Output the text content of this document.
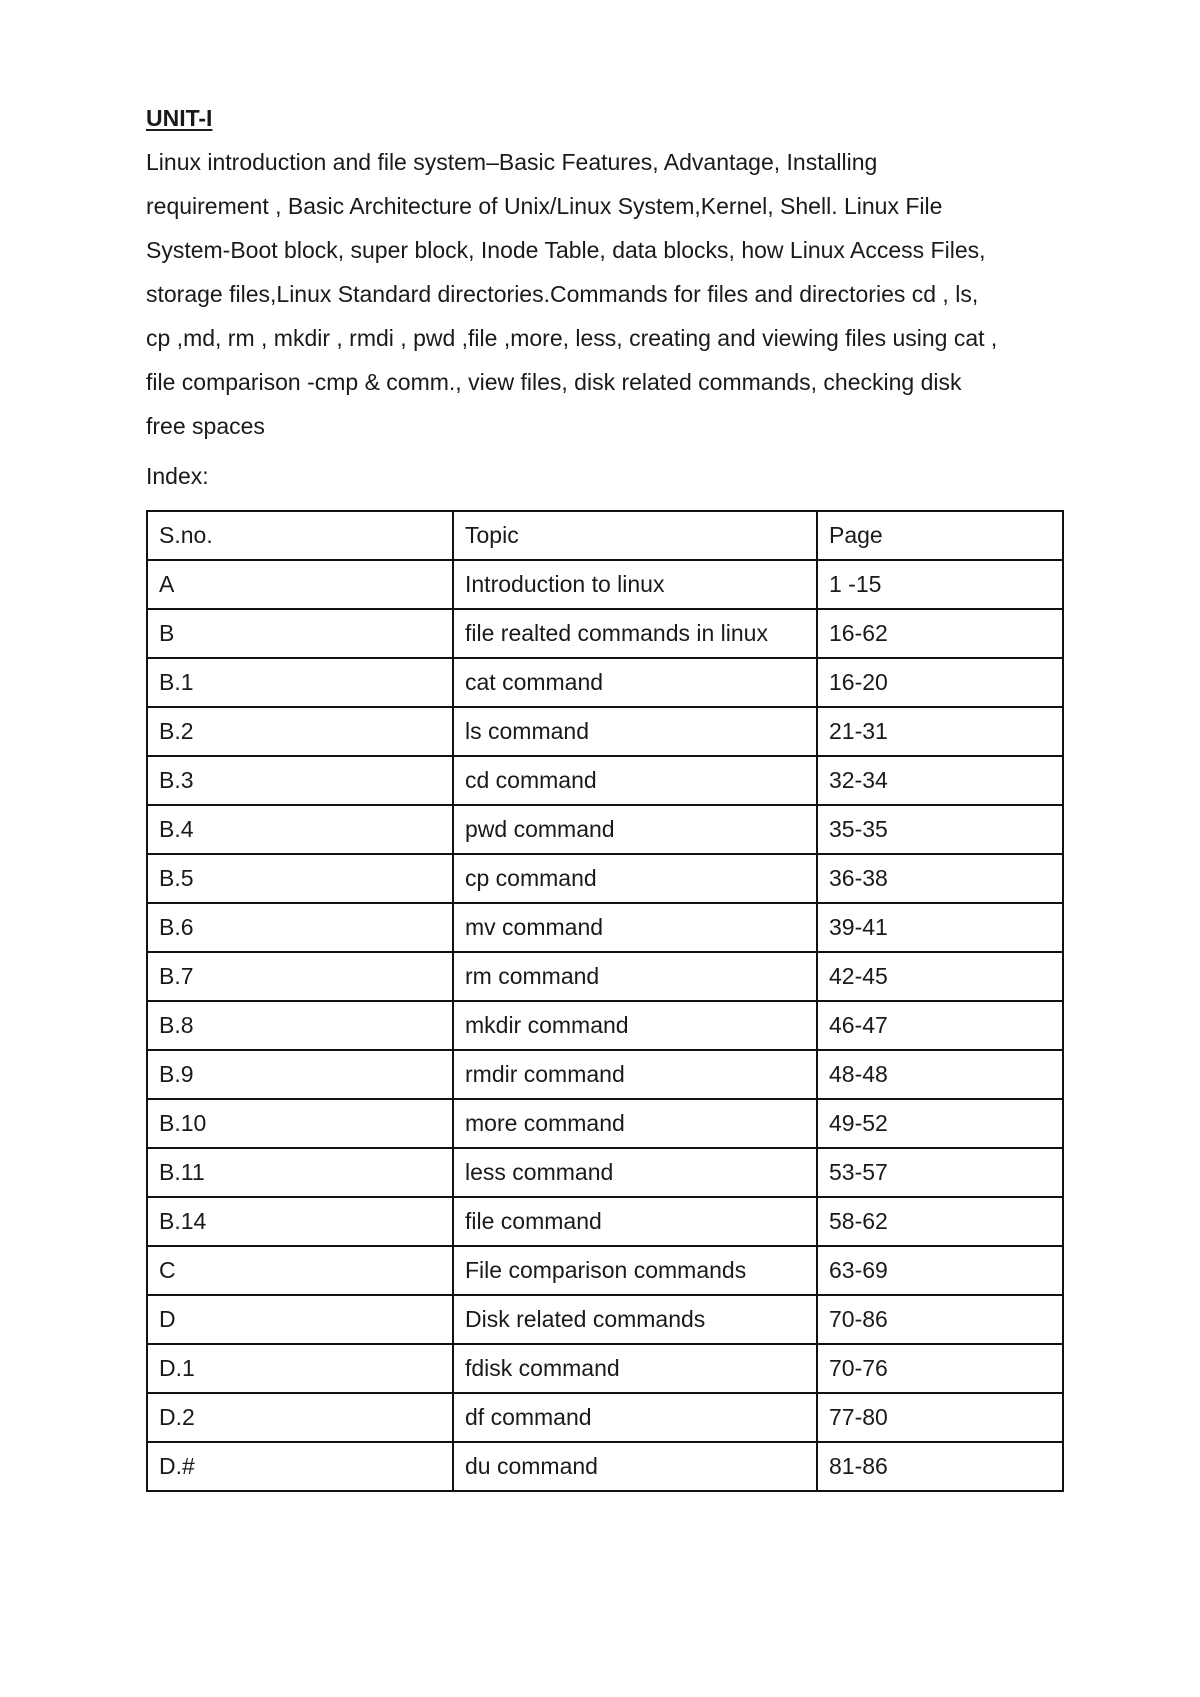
UNIT-I

Linux introduction and file system–Basic Features, Advantage, Installing
requirement , Basic Architecture of Unix/Linux System,Kernel, Shell. Linux File
System-Boot block, super block, Inode Table, data blocks, how Linux Access Files,
storage files,Linux Standard directories.Commands for files and directories cd , ls,
cp ,md, rm , mkdir , rmdi , pwd ,file ,more, less, creating and viewing files using cat ,
file comparison -cmp & comm., view files, disk related commands, checking disk
free spaces

Index:

S.no.	Topic	Page
A	Introduction to linux	1 -15
B	file realted commands in linux	16-62
B.1	cat command	16-20
B.2	ls command	21-31
B.3	cd command	32-34
B.4	pwd command	35-35
B.5	cp command	36-38
B.6	mv command	39-41
B.7	rm command	42-45
B.8	mkdir command	46-47
B.9	rmdir command	48-48
B.10	more command	49-52
B.11	less command	53-57
B.14	file command	58-62
C	File comparison commands	63-69
D	Disk related commands	70-86
D.1	fdisk command	70-76
D.2	df command	77-80
D.#	du command	81-86
